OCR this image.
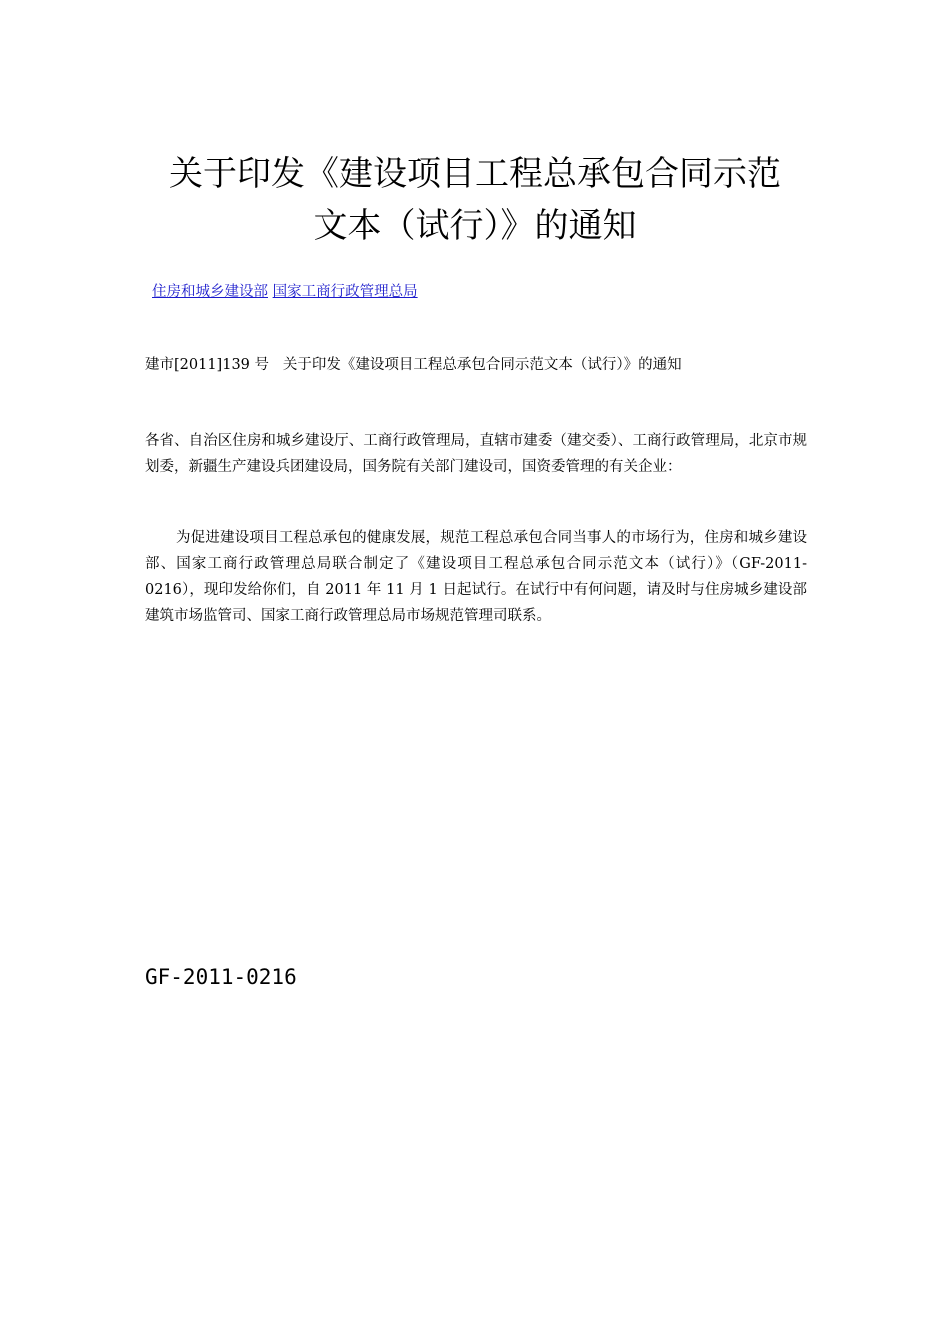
关于印发《建设项目工程总承包合同示范
文本（试行）》的通知
住房和城乡建设部 国家工商行政管理总局
建市[2011]139 号 关于印发《建设项目工程总承包合同示范文本（试行）》的通知

各省、自治区住房和城乡建设厅、工商行政管理局，直辖市建委（建交委）、工商行政管理局，北京市规划委，新疆生产建设兵团建设局，国务院有关部门建设司，国资委管理的有关企业：

为促进建设项目工程总承包的健康发展，规范工程总承包合同当事人的市场行为，住房和城乡建设部、国家工商行政管理总局联合制定了《建设项目工程总承包合同示范文本（试行）》（GF-2011-0216），现印发给你们，自 2011 年 11 月 1 日起试行。在试行中有何问题，请及时与住房城乡建设部建筑市场监管司、国家工商行政管理总局市场规范管理司联系。

GF-2011-0216
